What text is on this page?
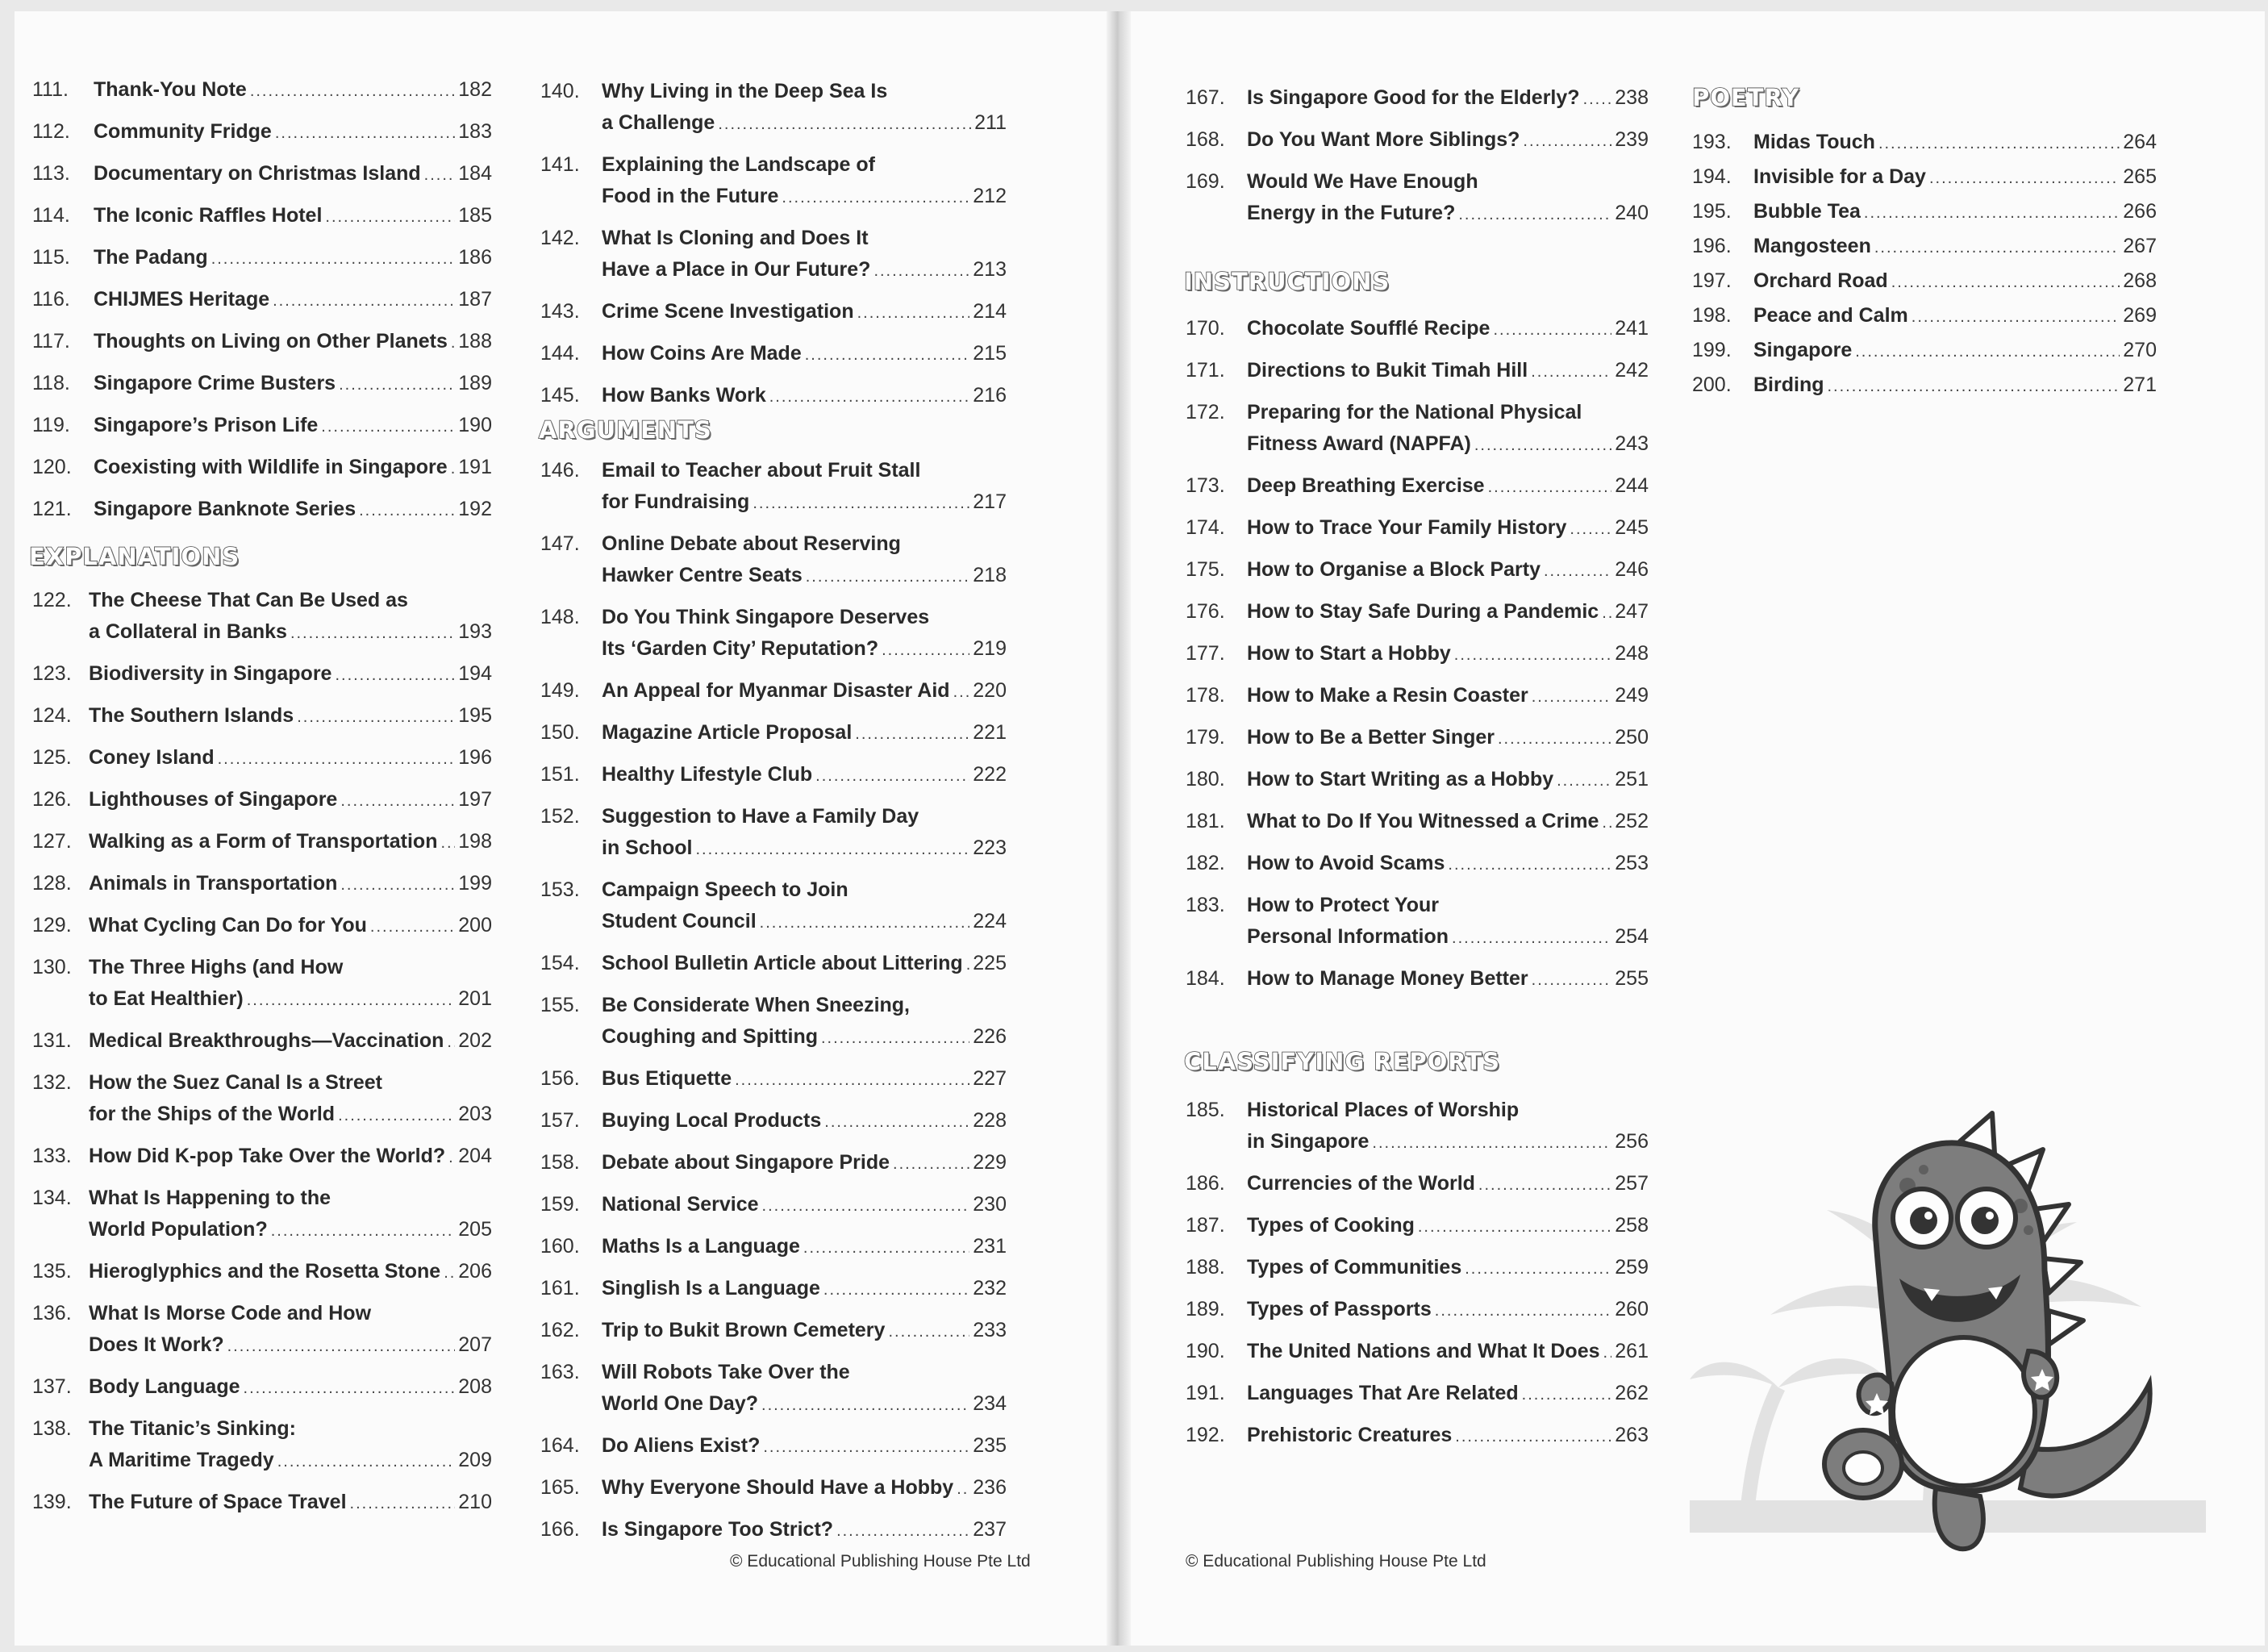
111.	Thank-You Note .....	182
112.	Community Fridge .....	183
113.	Documentary on Christmas Island ..... 184
114.	The Iconic Raffles Hotel .....	185
115.	The Padang .....	186
116.	CHIJMES Heritage .....	187
117.	Thoughts on Living on Other Planets ..... 188
118.	Singapore Crime Busters .....	189
119.	Singapore’s Prison Life .....	190
120.	Coexisting with Wildlife in Singapore ..... 191
121.	Singapore Banknote Series .....	192
EXPLANATIONS
122. The Cheese That Can Be Used as
a Collateral in Banks .....	193
123. Biodiversity in Singapore .....	194
124. The Southern Islands .....	195
125. Coney Island .....	196
126. Lighthouses of Singapore .....	197
127. Walking as a Form of Transportation ..... 198
128. Animals in Transportation .....	199
129. What Cycling Can Do for You .....	200
130. The Three Highs (and How
to Eat Healthier) .....	201
131. Medical Breakthroughs—Vaccination ..... 202
132. How the Suez Canal Is a Street
for the Ships of the World .....	203
133. How Did K-pop Take Over the World? ..... 204
134. What Is Happening to the
World Population? .....	205
135. Hieroglyphics and the Rosetta Stone ..... 206
136. What Is Morse Code and How
Does It Work? .....	207
137. Body Language .....	208
138. The Titanic’s Sinking:
A Maritime Tragedy .....	209
139. The Future of Space Travel .....	210
140.	Why Living in the Deep Sea Is
a Challenge .....	211
141.	Explaining the Landscape of
Food in the Future .....	212
142.	What Is Cloning and Does It
Have a Place in Our Future? .....	213
143.	Crime Scene Investigation .....	214
144.	How Coins Are Made .....	215
145.	How Banks Work .....	216
ARGUMENTS
146.	Email to Teacher about Fruit Stall
for Fundraising .....	217
147.	Online Debate about Reserving
Hawker Centre Seats .....	218
148.	Do You Think Singapore Deserves
Its ‘Garden City’ Reputation? .....	219
149.	An Appeal for Myanmar Disaster Aid ..... 220
150.	Magazine Article Proposal .....	221
151.	Healthy Lifestyle Club .....	222
152.	Suggestion to Have a Family Day
in School .....	223
153.	Campaign Speech to Join
Student Council .....	224
154.	School Bulletin Article about Littering ..... 225
155.	Be Considerate When Sneezing,
Coughing and Spitting .....	226
156.	Bus Etiquette .....	227
157.	Buying Local Products .....	228
158.	Debate about Singapore Pride .....	229
159.	National Service .....	230
160.	Maths Is a Language .....	231
161.	Singlish Is a Language .....	232
162.	Trip to Bukit Brown Cemetery .....	233
163.	Will Robots Take Over the
World One Day? .....	234
164.	Do Aliens Exist? .....	235
165.	Why Everyone Should Have a Hobby ..... 236
166.	Is Singapore Too Strict? .....	237
© Educational Publishing House Pte Ltd
167.	Is Singapore Good for the Elderly? ..... 238
168.	Do You Want More Siblings? .....	239
169.	Would We Have Enough
Energy in the Future? .....	240
INSTRUCTIONS
170.	Chocolate Soufflé Recipe .....	241
171.	Directions to Bukit Timah Hill .....	242
172.	Preparing for the National Physical
Fitness Award (NAPFA) .....	243
173.	Deep Breathing Exercise .....	244
174.	How to Trace Your Family History ..... 245
175.	How to Organise a Block Party .....	246
176.	How to Stay Safe During a Pandemic ..... 247
177.	How to Start a Hobby .....	248
178.	How to Make a Resin Coaster .....	249
179.	How to Be a Better Singer .....	250
180.	How to Start Writing as a Hobby .....	251
181.	What to Do If You Witnessed a Crime ..... 252
182.	How to Avoid Scams .....	253
183.	How to Protect Your
Personal Information .....	254
184.	How to Manage Money Better .....	255
CLASSIFYING REPORTS
185.	Historical Places of Worship
in Singapore .....	256
186.	Currencies of the World .....	257
187.	Types of Cooking .....	258
188.	Types of Communities .....	259
189.	Types of Passports .....	260
190.	The United Nations and What It Does ..... 261
191.	Languages That Are Related .....	262
192.	Prehistoric Creatures .....	263
© Educational Publishing House Pte Ltd
POETRY
193.	Midas Touch .....	264
194.	Invisible for a Day .....	265
195.	Bubble Tea .....	266
196.	Mangosteen .....	267
197.	Orchard Road .....	268
198.	Peace and Calm .....	269
199.	Singapore .....	270
200.	Birding .....	271
